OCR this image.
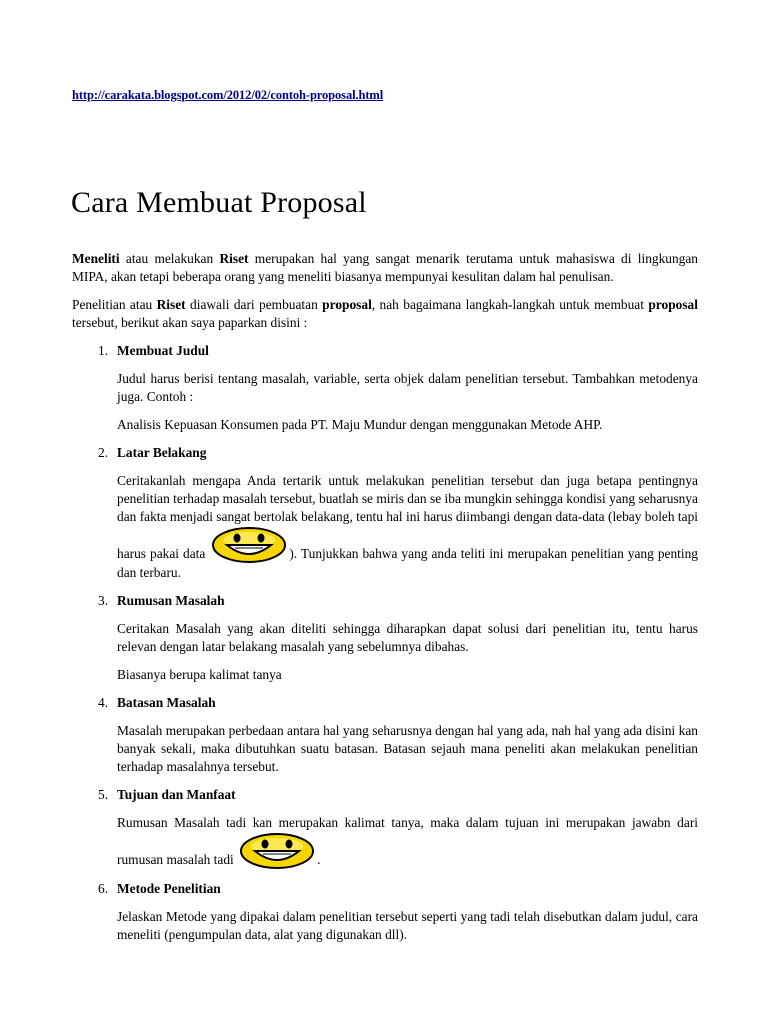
http://carakata.blogspot.com/2012/02/contoh-proposal.html
Cara Membuat Proposal

Meneliti atau melakukan Riset merupakan hal yang sangat menarik terutama untuk mahasiswa di lingkungan MIPA, akan tetapi beberapa orang yang meneliti biasanya mempunyai kesulitan dalam hal penulisan.

Penelitian atau Riset diawali dari pembuatan proposal, nah bagaimana langkah-langkah untuk membuat proposal tersebut, berikut akan saya paparkan disini :

1. Membuat Judul
Judul harus berisi tentang masalah, variable, serta objek dalam penelitian tersebut. Tambahkan metodenya juga. Contoh :
Analisis Kepuasan Konsumen pada PT. Maju Mundur dengan menggunakan Metode AHP.
2. Latar Belakang
Ceritakanlah mengapa Anda tertarik untuk melakukan penelitian tersebut dan juga betapa pentingnya penelitian terhadap masalah tersebut, buatlah se miris dan se iba mungkin sehingga kondisi yang seharusnya dan fakta menjadi sangat bertolak belakang, tentu hal ini harus diimbangi dengan data-data (lebay boleh tapi harus pakai data	). Tunjukkan bahwa yang anda teliti ini merupakan penelitian yang penting dan terbaru.
3. Rumusan Masalah
Ceritakan Masalah yang akan diteliti sehingga diharapkan dapat solusi dari penelitian itu, tentu harus relevan dengan latar belakang masalah yang sebelumnya dibahas.
Biasanya berupa kalimat tanya
4. Batasan Masalah
Masalah merupakan perbedaan antara hal yang seharusnya dengan hal yang ada, nah hal yang ada disini kan banyak sekali, maka dibutuhkan suatu batasan. Batasan sejauh mana peneliti akan melakukan penelitian terhadap masalahnya tersebut.
5. Tujuan dan Manfaat
Rumusan Masalah tadi kan merupakan kalimat tanya, maka dalam tujuan ini merupakan jawabn dari rumusan masalah tadi	.
6. Metode Penelitian
Jelaskan Metode yang dipakai dalam penelitian tersebut seperti yang tadi telah disebutkan dalam judul, cara meneliti (pengumpulan data, alat yang digunakan dll).
